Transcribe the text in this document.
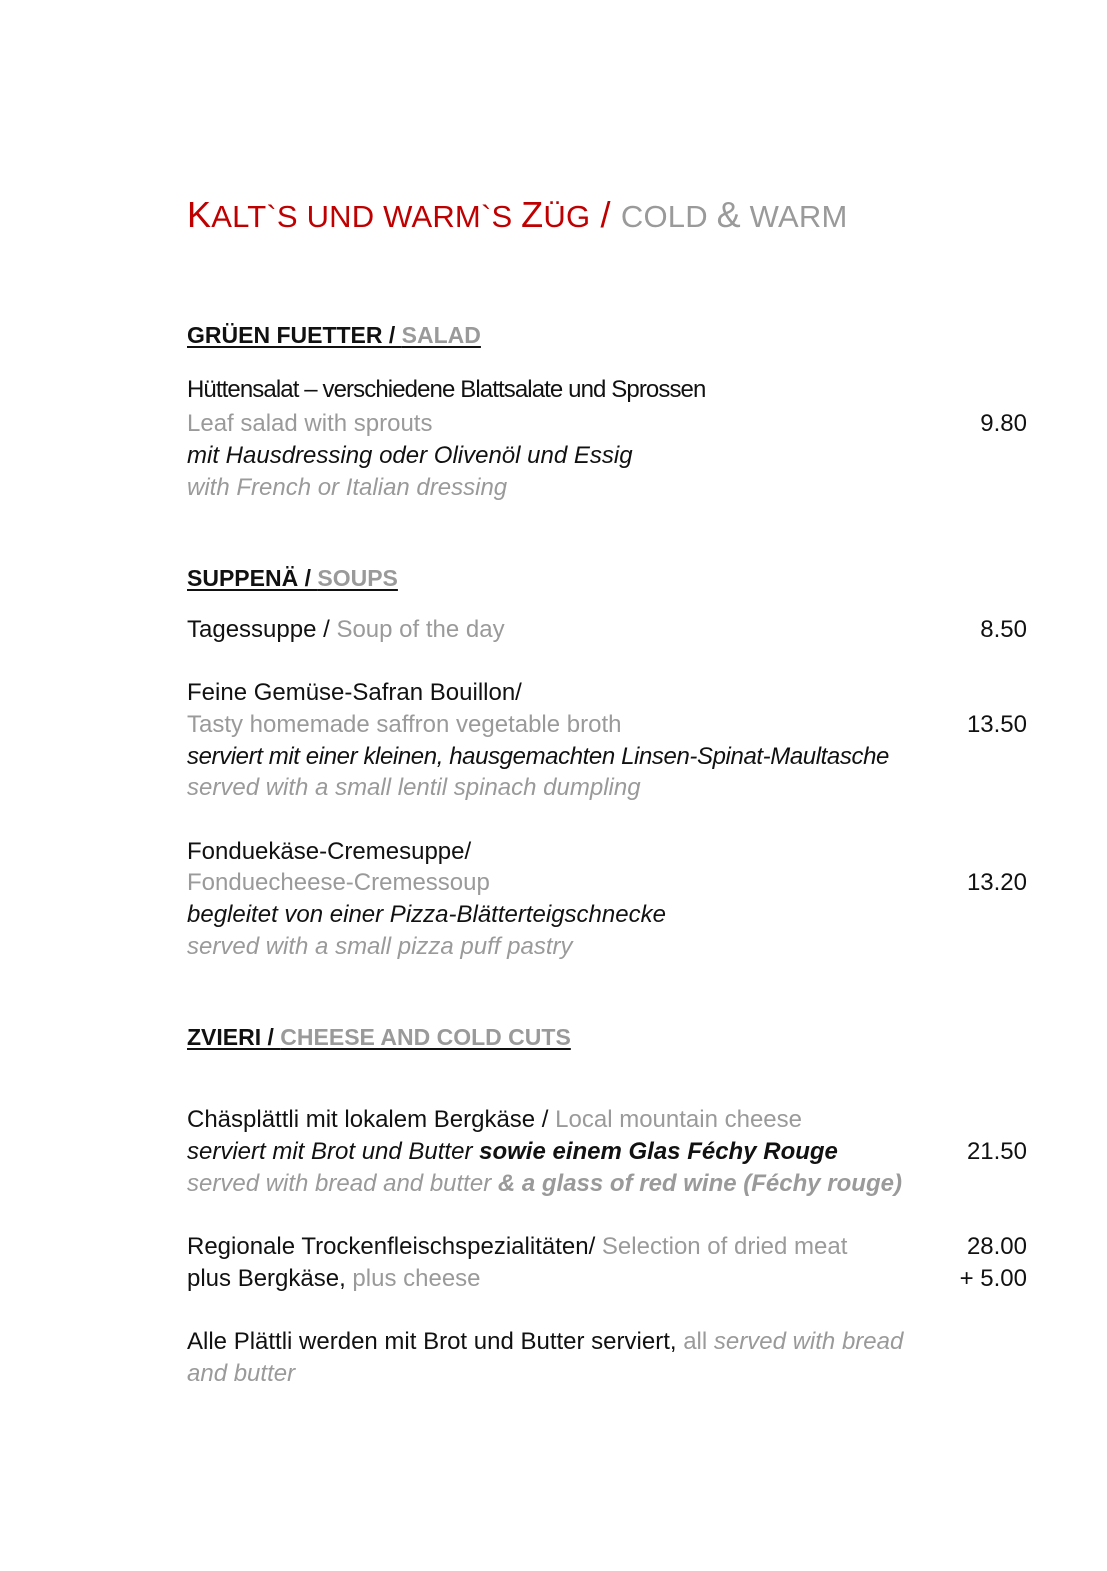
KALT`S UND WARM`S ZÜG / COLD & WARM
GRÜEN FUETTER / SALAD
Hüttensalat – verschiedene Blattsalate und Sprossen
Leaf salad with sprouts	9.80
mit Hausdressing oder Olivenöl und Essig
with French or Italian dressing
SUPPENÄ / SOUPS
Tagessuppe / Soup of the day	8.50
Feine Gemüse-Safran Bouillon/
Tasty homemade saffron vegetable broth	13.50
serviert mit einer kleinen, hausgemachten Linsen-Spinat-Maultasche
served with a small lentil spinach dumpling
Fonduekäse-Cremesuppe/
Fonduecheese-Cremessoup	13.20
begleitet von einer Pizza-Blätterteigschnecke
served with a small pizza puff pastry
ZVIERI / CHEESE AND COLD CUTS
Chäsplättli mit lokalem Bergkäse / Local mountain cheese
serviert mit Brot und Butter sowie einem Glas Féchy Rouge	21.50
served with bread and butter & a glass of red wine (Féchy rouge)
Regionale Trockenfleischspezialitäten/ Selection of dried meat	28.00
plus Bergkäse, plus cheese	+ 5.00
Alle Plättli werden mit Brot und Butter serviert, all served with bread
and butter
